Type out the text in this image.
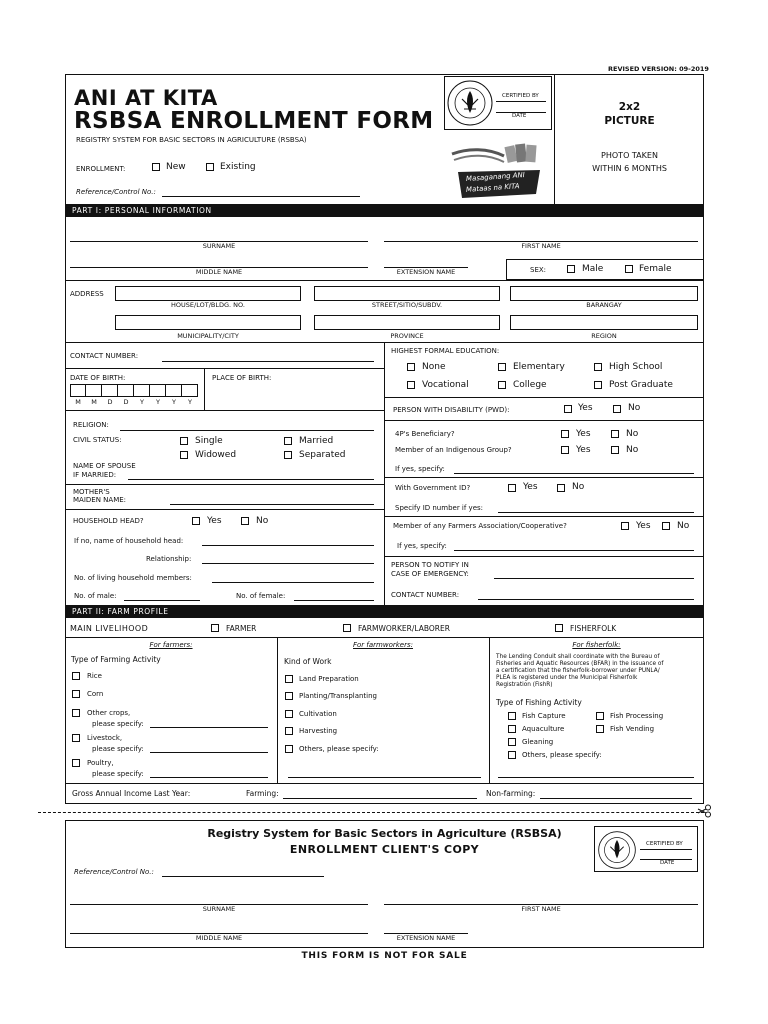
REVISED VERSION: 09-2019
ANI AT KITA
RSBSA ENROLLMENT FORM
REGISTRY SYSTEM FOR BASIC SECTORS IN AGRICULTURE (RSBSA)
ENROLLMENT:	New	Existing
Reference/Control No.:
CERTIFIED BY
DATE
Masaganang ANI
Mataas na KITA
2x2
PICTURE
PHOTO TAKEN
WITHIN 6 MONTHS
PART I: PERSONAL INFORMATION
SURNAME	FIRST NAME
MIDDLE NAME	EXTENSION NAME	SEX:	Male	Female
ADDRESS
HOUSE/LOT/BLDG. NO.	STREET/SITIO/SUBDV.	BARANGAY
MUNICIPALITY/CITY	PROVINCE	REGION
CONTACT NUMBER:
DATE OF BIRTH:
M	M	D	D	Y	Y	Y	Y
PLACE OF BIRTH:
RELIGION:
CIVIL STATUS:	Single	Married
Widowed	Separated
NAME OF SPOUSE
IF MARRIED:
MOTHER'S
MAIDEN NAME:
HOUSEHOLD HEAD?	Yes	No
If no, name of household head:
Relationship:
No. of living household members:
No. of male:	No. of female:
HIGHEST FORMAL EDUCATION:
None	Elementary	High School
Vocational	College	Post Graduate
PERSON WITH DISABILITY (PWD):	Yes	No
4P's Beneficiary?	Yes	No
Member of an Indigenous Group?	Yes	No
If yes, specify:
With Government ID?	Yes	No
Specify ID number if yes:
Member of any Farmers Association/Cooperative?	Yes	No
If yes, specify:
PERSON TO NOTIFY IN
CASE OF EMERGENCY:
CONTACT NUMBER:
PART II: FARM PROFILE
MAIN LIVELIHOOD	FARMER	FARMWORKER/LABORER	FISHERFOLK
For farmers:
Type of Farming Activity
Rice
Corn
Other crops,
please specify:
Livestock,
please specify:
Poultry,
please specify:
For farmworkers:
Kind of Work
Land Preparation
Planting/Transplanting
Cultivation
Harvesting
Others, please specify:
For fisherfolk:
The Lending Conduit shall coordinate with the Bureau of
Fisheries and Aquatic Resources (BFAR) in the issuance of
a certification that the fisherfolk-borrower under PUNLA/
PLEA is registered under the Municipal Fisherfolk
Registration (FishR)
Type of Fishing Activity
Fish Capture	Fish Processing
Aquaculture	Fish Vending
Gleaning
Others, please specify:
Gross Annual Income Last Year:	Farming:	Non-farming:
Registry System for Basic Sectors in Agriculture (RSBSA)
ENROLLMENT CLIENT'S COPY	CERTIFIED BY
DATE
Reference/Control No.:
SURNAME	FIRST NAME
MIDDLE NAME	EXTENSION NAME
THIS FORM IS NOT FOR SALE
